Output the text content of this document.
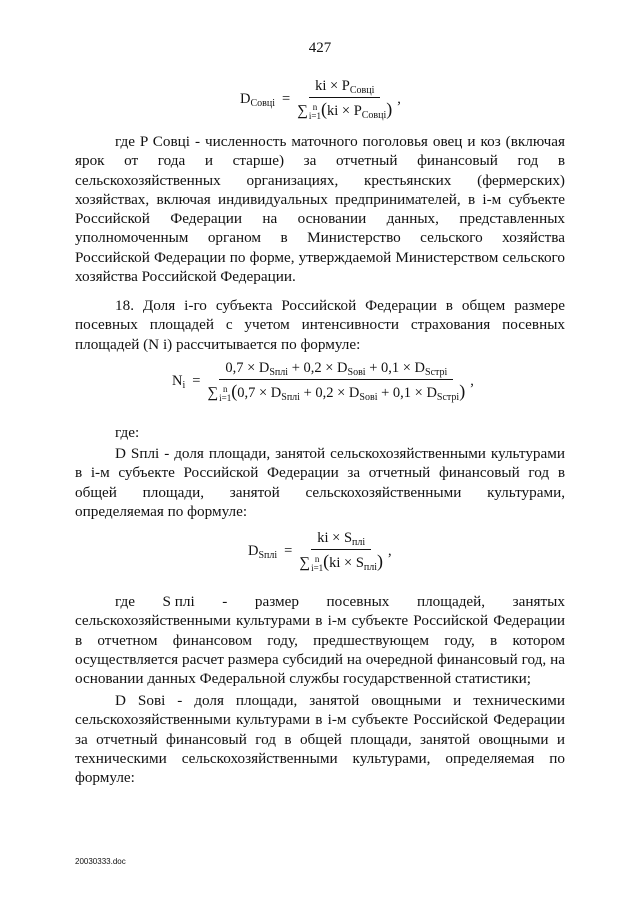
427
$D_{Совці}$ = ki × $P_{Совці}$
∑ n
i=1 $(ki \times P_{Совці})$ ,
где P Совці - численность маточного поголовья овец и коз (включая ярок от года и старше) за отчетный финансовый год в сельскохозяйственных организациях, крестьянских (фермерских) хозяйствах, включая индивидуальных предпринимателей, в i-м субъекте Российской Федерации на основании данных, представленных уполномоченным органом в Министерство сельского хозяйства Российской Федерации по форме, утверждаемой Министерством сельского хозяйства Российской Федерации.
18. Доля i-го субъекта Российской Федерации в общем размере посевных площадей с учетом интенсивности страхования посевных площадей (N i) рассчитывается по формуле:
$N_i = 0,7 \times D_{Sплі} + 0,2 \times D_{Sові} + 0,1 \times D_{Sстрі}$
∑ n
i=1 $(0,7 \times D_{Sплі} + 0,2 \times D_{Sові} + 0,1 \times D_{Sстрі})$ ,
где:
D Sплі - доля площади, занятой сельскохозяйственными культурами в i-м субъекте Российской Федерации за отчетный финансовый год в общей площади, занятой сельскохозяйственными культурами, определяемая по формуле:
$D_{Sплі}$ = ki × $S_{плі}$
∑ n
i=1 $(ki \times S_{плі})$ ,
где S плі - размер посевных площадей, занятых
сельскохозяйственными культурами в i-м субъекте Российской Федерации в отчетном финансовом году, предшествующем году, в котором осуществляется расчет размера субсидий на очередной финансовый год, на основании данных Федеральной службы государственной статистики;
D Sові - доля площади, занятой овощными и техническими сельскохозяйственными культурами в i-м субъекте Российской Федерации за отчетный финансовый год в общей площади, занятой овощными и техническими сельскохозяйственными культурами, определяемая по формуле:
20030333.doc
